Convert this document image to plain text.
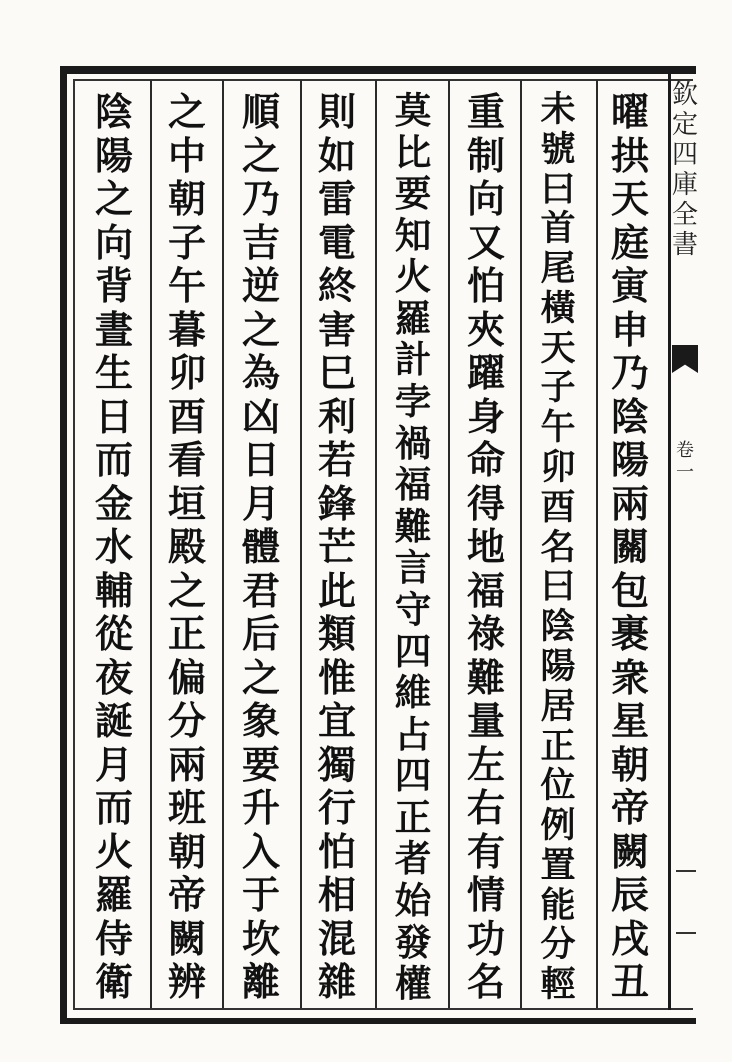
曜
拱
天
庭
寅
申
乃
陰
陽
兩
關
包
裹
衆
星
朝
帝
闕
辰
戌
丑
未
號
曰
首
尾
橫
天
子
午
卯
酉
名
曰
陰
陽
居
正
位
例
置
能
分
輕
重
制
向
又
怕
夾
躍
身
命
得
地
福
祿
難
量
左
右
有
情
功
名
莫
比
要
知
火
羅
計
孛
禍
福
難
言
守
四
維
占
四
正
者
始
發
權
則
如
雷
電
終
害
巳
利
若
鋒
芒
此
類
惟
宜
獨
行
怕
相
混
雜
順
之
乃
吉
逆
之
為
凶
日
月
體
君
后
之
象
要
升
入
于
坎
離
之
中
朝
子
午
暮
卯
酉
看
垣
殿
之
正
偏
分
兩
班
朝
帝
闕
辨
陰
陽
之
向
背
晝
生
日
而
金
水
輔
從
夜
誕
月
而
火
羅
侍
衛
欽定四庫全書
卷一
